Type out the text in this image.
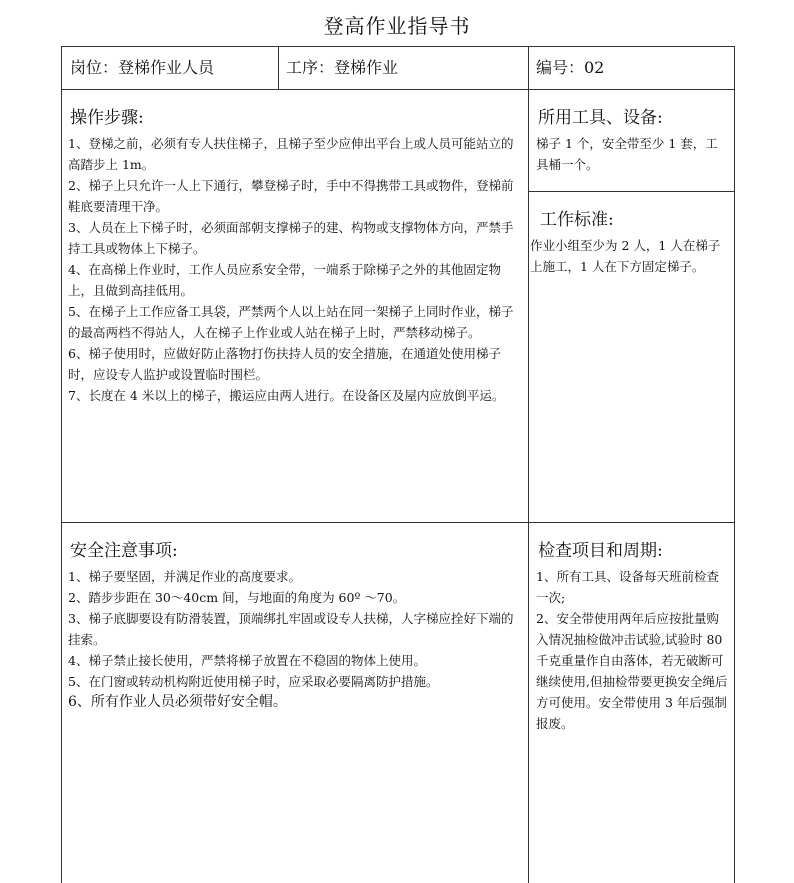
登高作业指导书
岗位：登梯作业人员	工序：登梯作业	编号：02
操作步骤:

1、登梯之前，必须有专人扶住梯子，且梯子至少应伸出平台上或人员可能站立的高踏步上 1m。

2、梯子上只允许一人上下通行，攀登梯子时，手中不得携带工具或物件，登梯前鞋底要清理干净。

3、人员在上下梯子时，必须面部朝支撑梯子的建、构物或支撑物体方向，严禁手持工具或物体上下梯子。

4、在高梯上作业时，工作人员应系安全带，一端系于除梯子之外的其他固定物上，且做到高挂低用。

5、在梯子上工作应备工具袋，严禁两个人以上站在同一架梯子上同时作业，梯子的最高两档不得站人，人在梯子上作业或人站在梯子上时，严禁移动梯子。

6、梯子使用时，应做好防止落物打伤扶持人员的安全措施，在通道处使用梯子时，应设专人监护或设置临时围栏。

7、长度在 4 米以上的梯子，搬运应由两人进行。在设备区及屋内应放倒平运。

所用工具、设备:
梯子 1 个，安全带至少 1 套，工具桶一个。
工作标准:
作业小组至少为 2 人，1 人在梯子上施工，1 人在下方固定梯子。
安全注意事项:

1、梯子要坚固，并满足作业的高度要求。

2、踏步步距在 30～40cm 间，与地面的角度为 60º ～70。

3、梯子底脚要设有防滑装置，顶端绑扎牢固或设专人扶梯，人字梯应拴好下端的挂索。

4、梯子禁止接长使用，严禁将梯子放置在不稳固的物体上使用。

5、在门窗或转动机构附近使用梯子时，应采取必要隔离防护措施。

6、所有作业人员必须带好安全帽。

检查项目和周期:

1、所有工具、设备每天班前检查一次;

2、安全带使用两年后应按批量购入情况抽检做冲击试验,试验时 80 千克重量作自由落体，若无破断可继续使用,但抽检带要更换安全绳后方可使用。安全带使用 3 年后强制报废。
